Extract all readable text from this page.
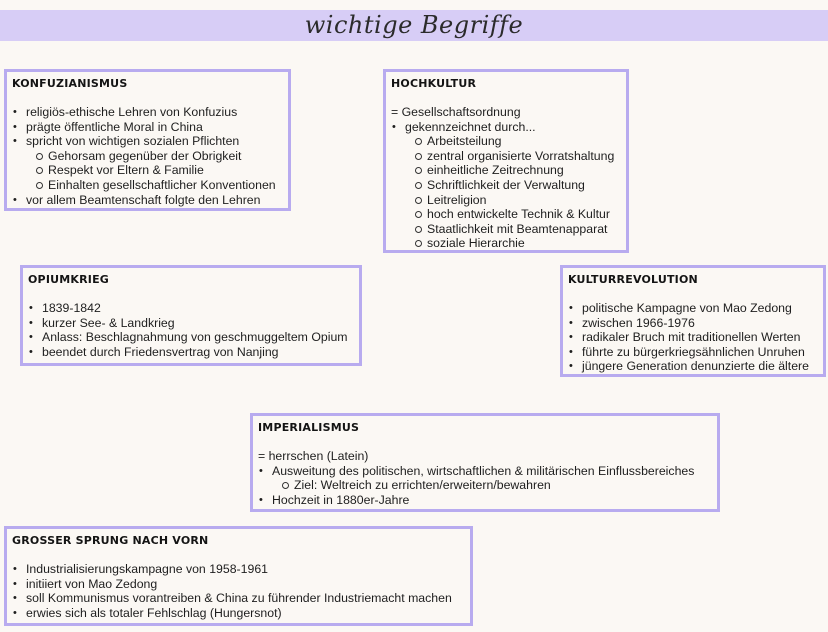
wichtige Begriffe
KONFUZIANISMUS
• religiös-ethische Lehren von Konfuzius
• prägte öffentliche Moral in China
• spricht von wichtigen sozialen Pflichten
Gehorsam gegenüber der Obrigkeit
Respekt vor Eltern & Familie
Einhalten gesellschaftlicher Konventionen
• vor allem Beamtenschaft folgte den Lehren
HOCHKULTUR
= Gesellschaftsordnung
• gekennzeichnet durch...
Arbeitsteilung
zentral organisierte Vorratshaltung
einheitliche Zeitrechnung
Schriftlichkeit der Verwaltung
Leitreligion
hoch entwickelte Technik & Kultur
Staatlichkeit mit Beamtenapparat
soziale Hierarchie
OPIUMKRIEG
• 1839-1842
• kurzer See- & Landkrieg
• Anlass: Beschlagnahmung von geschmuggeltem Opium
• beendet durch Friedensvertrag von Nanjing
KULTURREVOLUTION
• politische Kampagne von Mao Zedong
• zwischen 1966-1976
• radikaler Bruch mit traditionellen Werten
• führte zu bürgerkriegsähnlichen Unruhen
• jüngere Generation denunzierte die ältere
IMPERIALISMUS
= herrschen (Latein)
• Ausweitung des politischen, wirtschaftlichen & militärischen Einflussbereiches
Ziel: Weltreich zu errichten/erweitern/bewahren
• Hochzeit in 1880er-Jahre
GROSSER SPRUNG NACH VORN
• Industrialisierungskampagne von 1958-1961
• initiiert von Mao Zedong
• soll Kommunismus vorantreiben & China zu führender Industriemacht machen
• erwies sich als totaler Fehlschlag (Hungersnot)
